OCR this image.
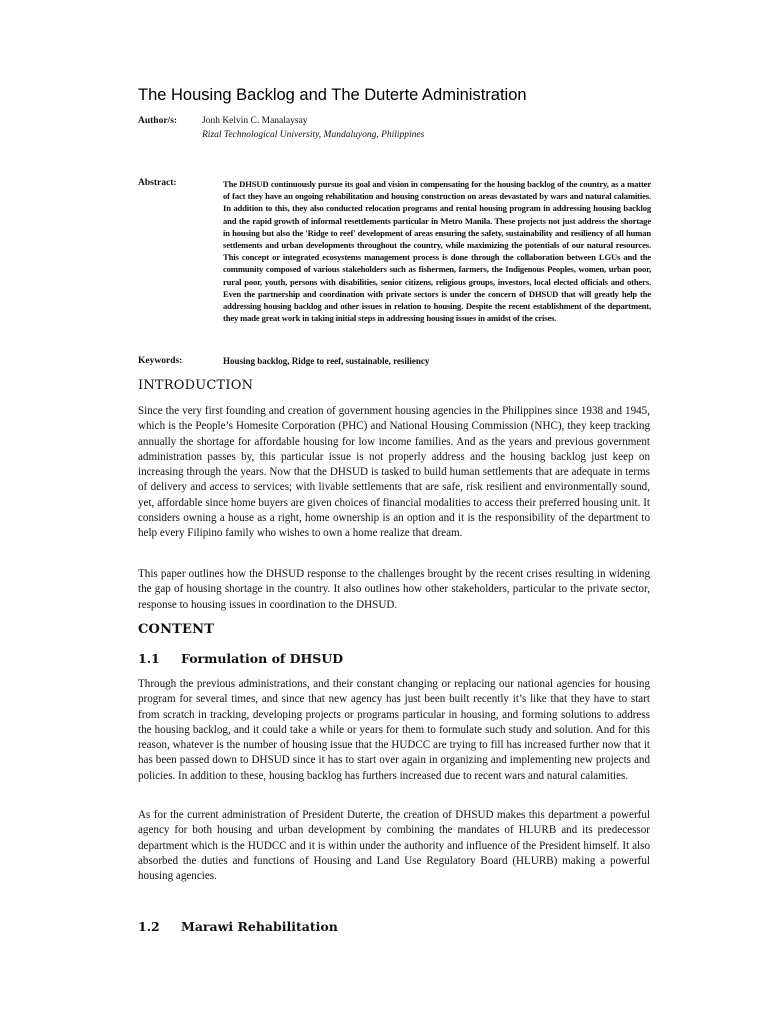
The Housing Backlog and The Duterte Administration
Author/s:	Jonh Kelvin C. Manalaysay
Rizal Technological University, Mandaluyong, Philippines
Abstract:	The DHSUD continuously pursue its goal and vision in compensating for the housing backlog of the country, as a matter of fact they have an ongoing rehabilitation and housing construction on areas devastated by wars and natural calamities. In addition to this, they also conducted relocation programs and rental housing program in addressing housing backlog and the rapid growth of informal resettlements particular in Metro Manila. These projects not just address the shortage in housing but also the 'Ridge to reef' development of areas ensuring the safety, sustainability and resiliency of all human settlements and urban developments throughout the country, while maximizing the potentials of our natural resources. This concept or integrated ecosystems management process is done through the collaboration between LGUs and the community composed of various stakeholders such as fishermen, farmers, the Indigenous Peoples, women, urban poor, rural poor, youth, persons with disabilities, senior citizens, religious groups, investors, local elected officials and others. Even the partnership and coordination with private sectors is under the concern of DHSUD that will greatly help the addressing housing backlog and other issues in relation to housing. Despite the recent establishment of the department, they made great work in taking initial steps in addressing housing issues in amidst of the crises.
Keywords:	Housing backlog, Ridge to reef, sustainable, resiliency
INTRODUCTION

Since the very first founding and creation of government housing agencies in the Philippines since 1938 and 1945, which is the People’s Homesite Corporation (PHC) and National Housing Commission (NHC), they keep tracking annually the shortage for affordable housing for low income families. And as the years and previous government administration passes by, this particular issue is not properly address and the housing backlog just keep on increasing through the years. Now that the DHSUD is tasked to build human settlements that are adequate in terms of delivery and access to services; with livable settlements that are safe, risk resilient and environmentally sound, yet, affordable since home buyers are given choices of financial modalities to access their preferred housing unit. It considers owning a house as a right, home ownership is an option and it is the responsibility of the department to help every Filipino family who wishes to own a home realize that dream.

This paper outlines how the DHSUD response to the challenges brought by the recent crises resulting in widening the gap of housing shortage in the country. It also outlines how other stakeholders, particular to the private sector, response to housing issues in coordination to the DHSUD.

CONTENT
1.1 Formulation of DHSUD

Through the previous administrations, and their constant changing or replacing our national agencies for housing program for several times, and since that new agency has just been built recently it’s like that they have to start from scratch in tracking, developing projects or programs particular in housing, and forming solutions to address the housing backlog, and it could take a while or years for them to formulate such study and solution. And for this reason, whatever is the number of housing issue that the HUDCC are trying to fill has increased further now that it has been passed down to DHSUD since it has to start over again in organizing and implementing new projects and policies. In addition to these, housing backlog has furthers increased due to recent wars and natural calamities.

As for the current administration of President Duterte, the creation of DHSUD makes this department a powerful agency for both housing and urban development by combining the mandates of HLURB and its predecessor department which is the HUDCC and it is within under the authority and influence of the President himself. It also absorbed the duties and functions of Housing and Land Use Regulatory Board (HLURB) making a powerful housing agencies.

1.2 Marawi Rehabilitation
